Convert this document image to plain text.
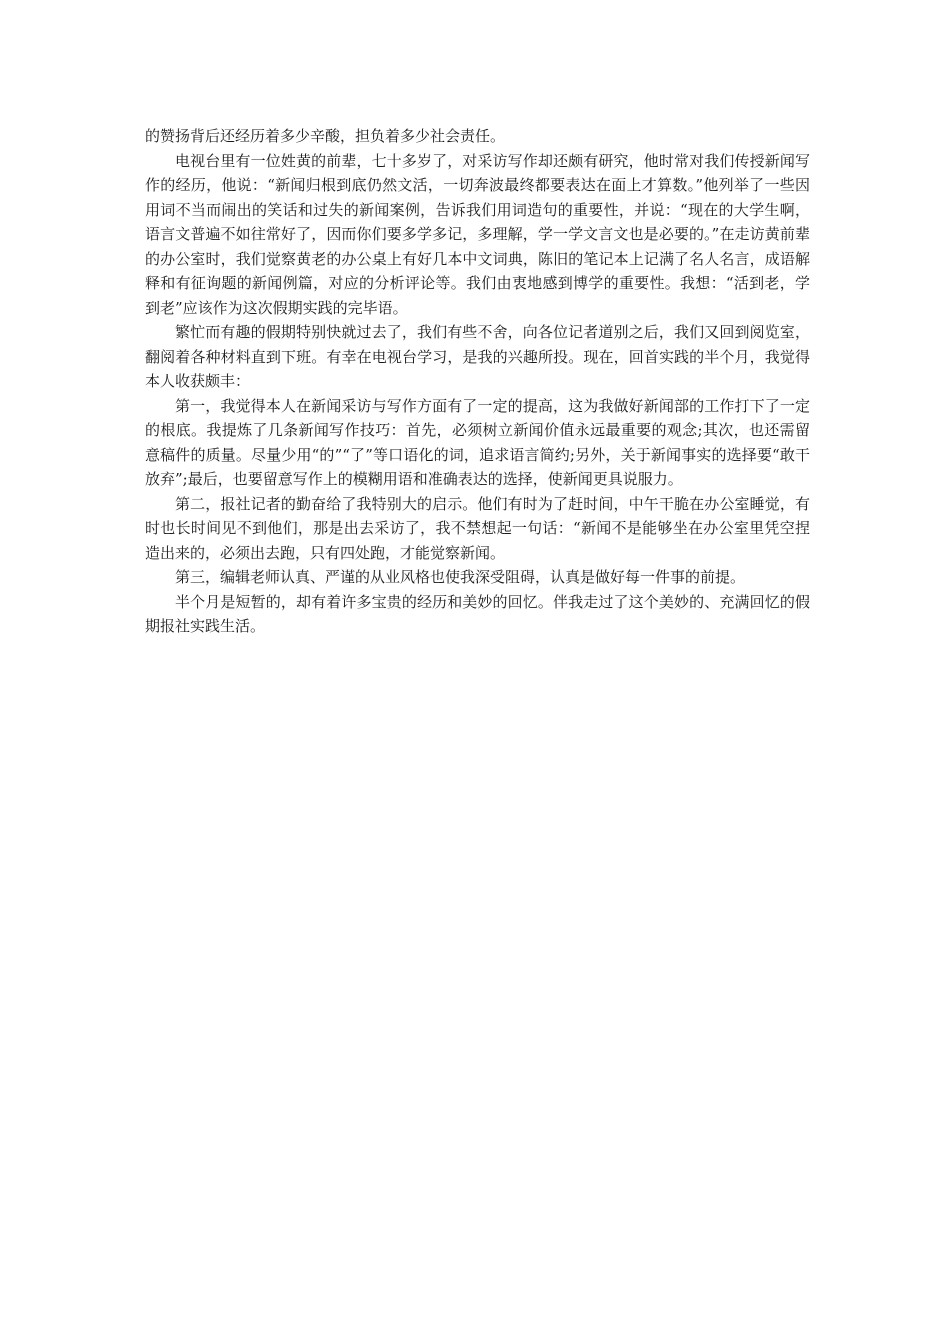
的赞扬背后还经历着多少辛酸，担负着多少社会责任。

电视台里有一位姓黄的前辈，七十多岁了，对采访写作却还颇有研究，他时常对我们传授新闻写作的经历，他说：“新闻归根到底仍然文活，一切奔波最终都要表达在面上才算数。”他列举了一些因用词不当而闹出的笑话和过失的新闻案例，告诉我们用词造句的重要性，并说：“现在的大学生啊，语言文普遍不如往常好了，因而你们要多学多记，多理解，学一学文言文也是必要的。”在走访黄前辈的办公室时，我们觉察黄老的办公桌上有好几本中文词典，陈旧的笔记本上记满了名人名言，成语解释和有征询题的新闻例篇，对应的分析评论等。我们由衷地感到博学的重要性。我想：“活到老，学到老”应该作为这次假期实践的完毕语。

繁忙而有趣的假期特别快就过去了，我们有些不舍，向各位记者道别之后，我们又回到阅览室，翻阅着各种材料直到下班。有幸在电视台学习，是我的兴趣所投。现在，回首实践的半个月，我觉得本人收获颇丰：

第一，我觉得本人在新闻采访与写作方面有了一定的提高，这为我做好新闻部的工作打下了一定的根底。我提炼了几条新闻写作技巧：首先，必须树立新闻价值永远最重要的观念;其次，也还需留意稿件的质量。尽量少用“的”“了”等口语化的词，追求语言简约;另外，关于新闻事实的选择要“敢干放弃”;最后，也要留意写作上的模糊用语和准确表达的选择，使新闻更具说服力。

第二，报社记者的勤奋给了我特别大的启示。他们有时为了赶时间，中午干脆在办公室睡觉，有时也长时间见不到他们，那是出去采访了，我不禁想起一句话：“新闻不是能够坐在办公室里凭空捏造出来的，必须出去跑，只有四处跑，才能觉察新闻。

第三，编辑老师认真、严谨的从业风格也使我深受阻碍，认真是做好每一件事的前提。

半个月是短暂的，却有着许多宝贵的经历和美妙的回忆。伴我走过了这个美妙的、充满回忆的假期报社实践生活。
